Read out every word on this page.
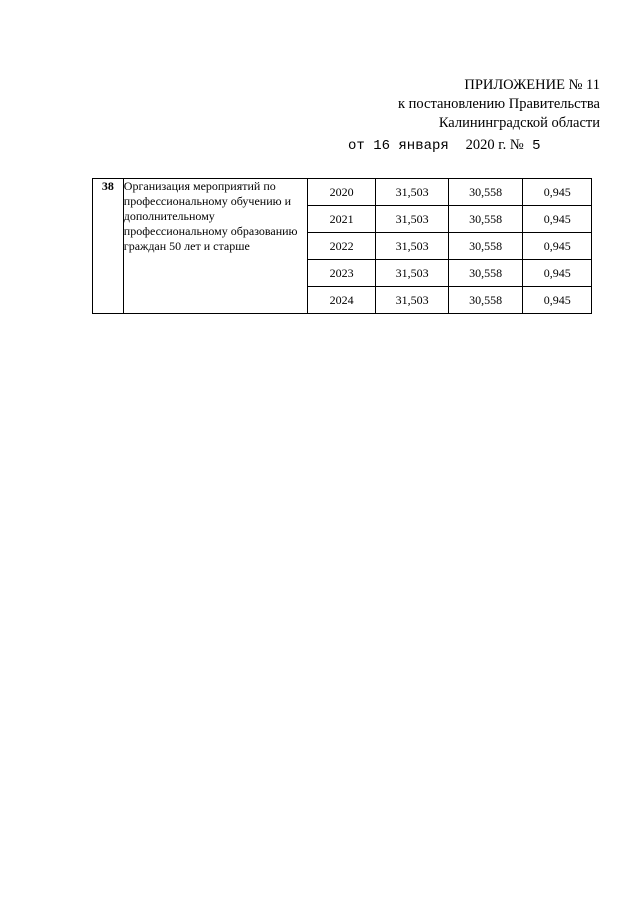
ПРИЛОЖЕНИЕ № 11
к постановлению Правительства
Калининградской области
от 16 января 2020 г. № 5
38	Организация мероприятий по профессиональному обучению и дополнительному профессиональному образованию граждан 50 лет и старше	2020	31,503	30,558	0,945
		2021	31,503	30,558	0,945
		2022	31,503	30,558	0,945
		2023	31,503	30,558	0,945
		2024	31,503	30,558	0,945
